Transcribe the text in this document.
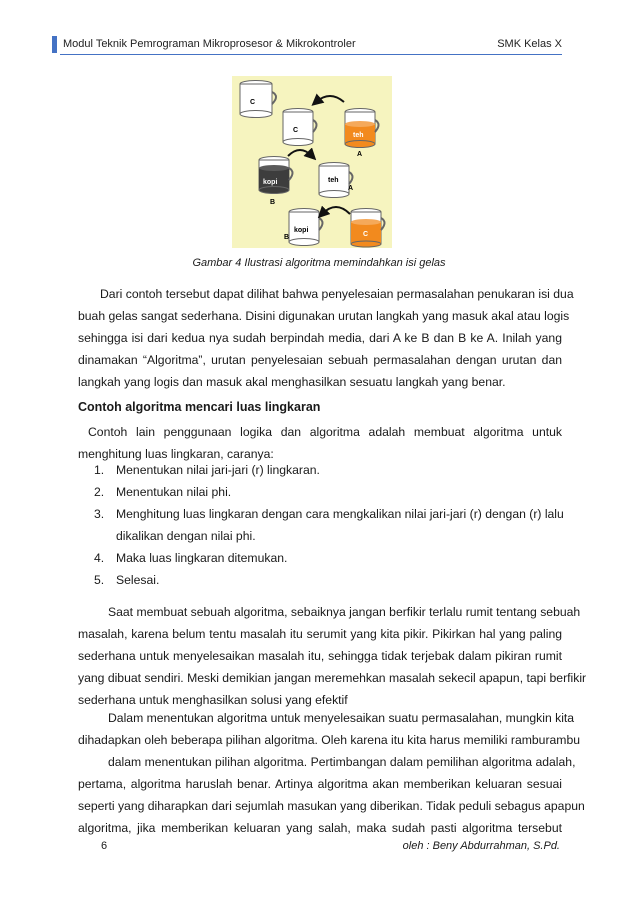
Modul Teknik Pemrograman Mikroprosesor & Mikrokontroler	SMK Kelas X
C
C
teh
A
kopi
B
teh
A
kopi
B	C
Gambar 4 Ilustrasi algoritma memindahkan isi gelas
Dari contoh tersebut dapat dilihat bahwa penyelesaian permasalahan penukaran isi dua
buah gelas sangat sederhana. Disini digunakan urutan langkah yang masuk akal atau logis
sehingga isi dari kedua nya sudah berpindah media, dari A ke B dan B ke A. Inilah yang
dinamakan “Algoritma”, urutan penyelesaian sebuah permasalahan dengan urutan dan
langkah yang logis dan masuk akal menghasilkan sesuatu langkah yang benar.
Contoh algoritma mencari luas lingkaran
Contoh lain penggunaan logika dan algoritma adalah membuat algoritma untuk
menghitung luas lingkaran, caranya:
1. Menentukan nilai jari-jari (r) lingkaran.
2. Menentukan nilai phi.
3. Menghitung luas lingkaran dengan cara mengkalikan nilai jari-jari (r) dengan (r) lalu
dikalikan dengan nilai phi.
4. Maka luas lingkaran ditemukan.
5. Selesai.
Saat membuat sebuah algoritma, sebaiknya jangan berfikir terlalu rumit tentang sebuah
masalah, karena belum tentu masalah itu serumit yang kita pikir. Pikirkan hal yang paling
sederhana untuk menyelesaikan masalah itu, sehingga tidak terjebak dalam pikiran rumit
yang dibuat sendiri. Meski demikian jangan meremehkan masalah sekecil apapun, tapi berfikir
sederhana untuk menghasilkan solusi yang efektif
Dalam menentukan algoritma untuk menyelesaikan suatu permasalahan, mungkin kita
dihadapkan oleh beberapa pilihan algoritma. Oleh karena itu kita harus memiliki ramburambu
dalam menentukan pilihan algoritma. Pertimbangan dalam pemilihan algoritma adalah,
pertama, algoritma haruslah benar. Artinya algoritma akan memberikan keluaran sesuai
seperti yang diharapkan dari sejumlah masukan yang diberikan. Tidak peduli sebagus apapun
algoritma, jika memberikan keluaran yang salah, maka sudah pasti algoritma tersebut
6	oleh : Beny Abdurrahman, S.Pd.
